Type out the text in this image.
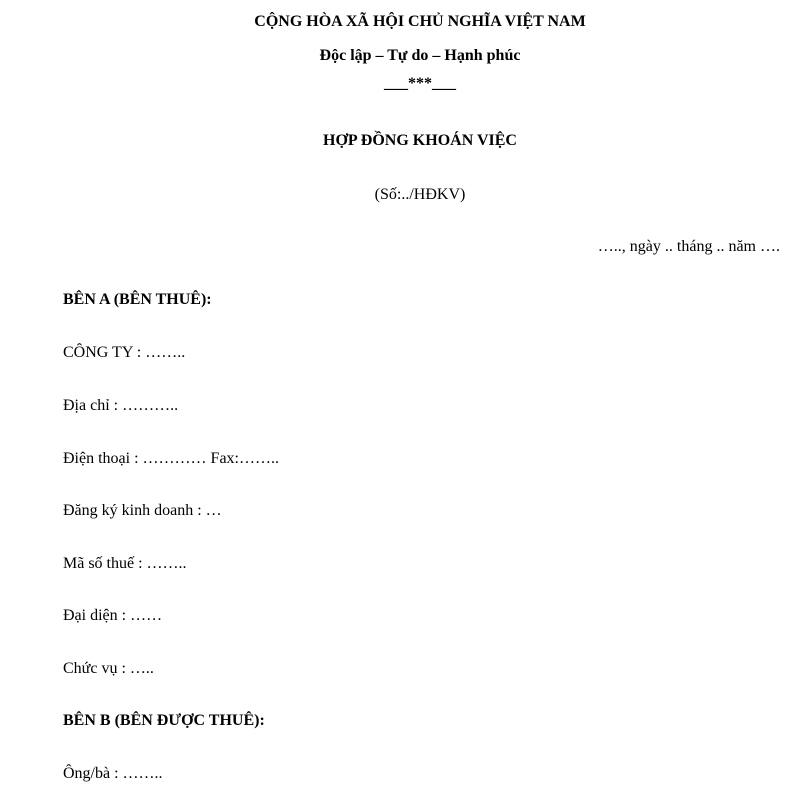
CỘNG HÒA XÃ HỘI CHỦ NGHĨA VIỆT NAM
Độc lập – Tự do – Hạnh phúc
___***___
HỢP ĐỒNG KHOÁN VIỆC
(Số:../HĐKV)
….., ngày .. tháng .. năm ….
BÊN A (BÊN THUÊ):
CÔNG TY : ……..
Địa chỉ : ………..
Điện thoại : ………… Fax:……..
Đăng ký kinh doanh : …
Mã số thuế : ……..
Đại diện : ……
Chức vụ : …..
BÊN B (BÊN ĐƯỢC THUÊ):
Ông/bà : ……..
